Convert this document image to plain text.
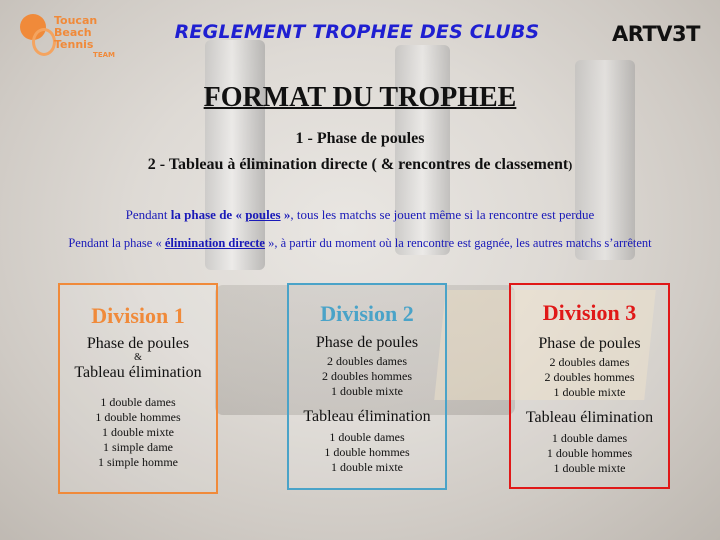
Toucan
Beach Tennis
TEAM
REGLEMENT TROPHEE DES CLUBS	ARTV3T
FORMAT DU TROPHEE
1 - Phase de poules
2 - Tableau à élimination directe ( & rencontres de classement)
Pendant la phase de « poules », tous les matchs se jouent même si la rencontre est perdue
Pendant la phase « élimination directe », à partir du moment où la rencontre est gagnée, les autres matchs s’arrêtent
Division 1
Phase de poules
&
Tableau élimination
1 double dames
1 double hommes
1 double mixte
1 simple dame
1 simple homme
Division 2
Phase de poules
2 doubles dames
2 doubles hommes
1 double mixte
Tableau élimination
1 double dames
1 double hommes
1 double mixte
Division 3
Phase de poules
2 doubles dames
2 doubles hommes
1 double mixte
Tableau élimination
1 double dames
1 double hommes
1 double mixte
